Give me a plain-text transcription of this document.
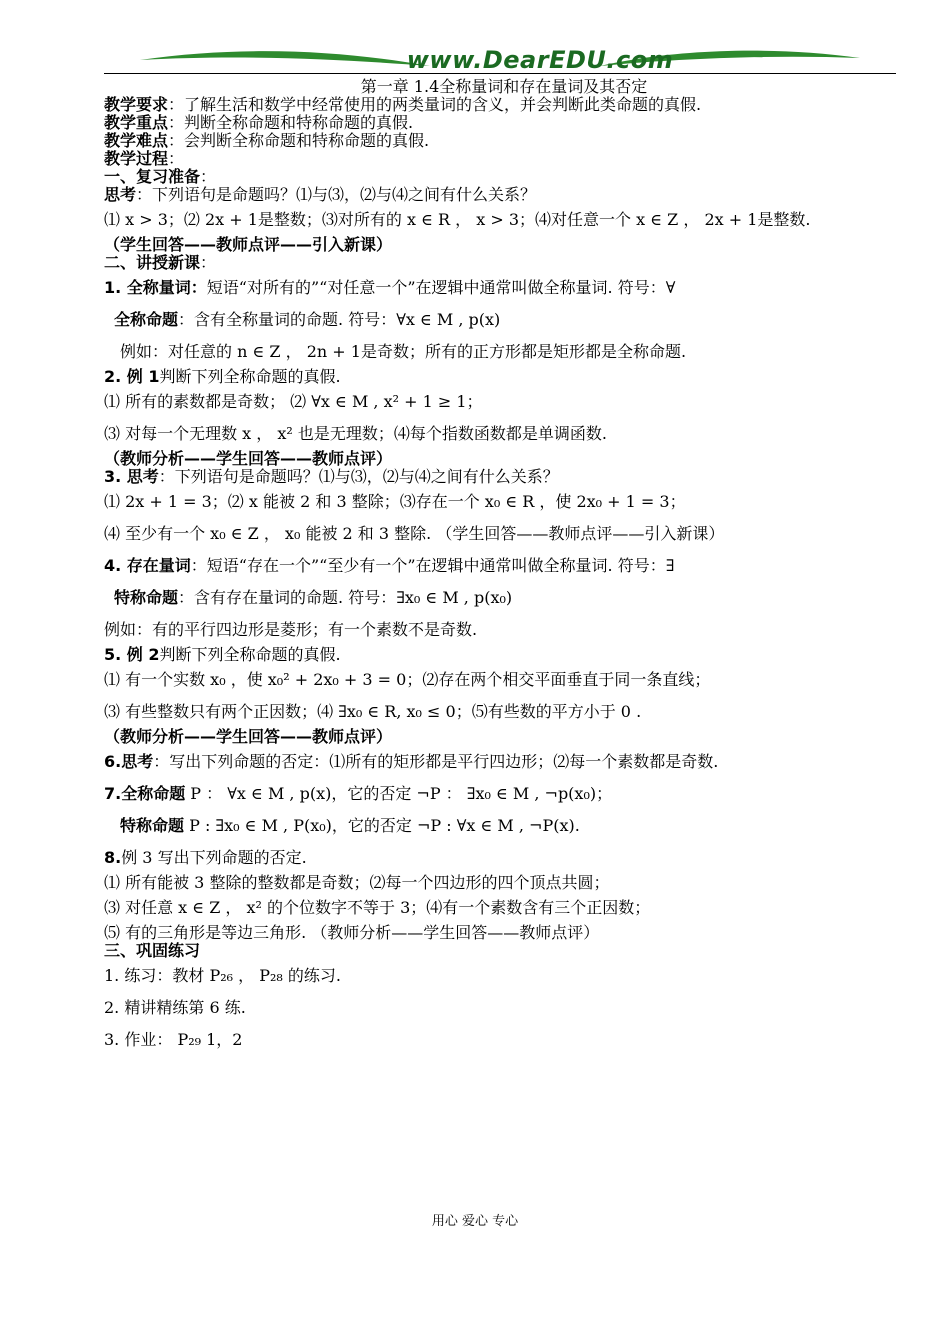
www.DearEDU.com
第一章 1.4全称量词和存在量词及其否定
教学要求：了解生活和数学中经常使用的两类量词的含义，并会判断此类命题的真假.
教学重点：判断全称命题和特称命题的真假.
教学难点：会判断全称命题和特称命题的真假.
教学过程：
一、复习准备：
思考：下列语句是命题吗？⑴与⑶，⑵与⑷之间有什么关系？
⑴ x > 3；⑵ 2x + 1是整数；⑶对所有的 x ∈ R ， x > 3；⑷对任意一个 x ∈ Z ， 2x + 1是整数.
（学生回答——教师点评——引入新课）
二、讲授新课：
1. 全称量词：短语“对所有的”“对任意一个”在逻辑中通常叫做全称量词. 符号：∀
全称命题：含有全称量词的命题. 符号：∀x ∈ M , p(x)
例如：对任意的 n ∈ Z ， 2n + 1是奇数；所有的正方形都是矩形都是全称命题.
2. 例 1判断下列全称命题的真假.
⑴ 所有的素数都是奇数； ⑵ ∀x ∈ M , x² + 1 ≥ 1；
⑶ 对每一个无理数 x ， x² 也是无理数；⑷每个指数函数都是单调函数.
（教师分析——学生回答——教师点评）
3. 思考：下列语句是命题吗？⑴与⑶，⑵与⑷之间有什么关系？
⑴ 2x + 1 = 3；⑵ x 能被 2 和 3 整除；⑶存在一个 x₀ ∈ R ，使 2x₀ + 1 = 3；
⑷ 至少有一个 x₀ ∈ Z ， x₀ 能被 2 和 3 整除. （学生回答——教师点评——引入新课）
4. 存在量词：短语“存在一个”“至少有一个”在逻辑中通常叫做全称量词. 符号：∃
特称命题：含有存在量词的命题. 符号：∃x₀ ∈ M , p(x₀)
例如：有的平行四边形是菱形；有一个素数不是奇数.
5. 例 2判断下列全称命题的真假.
⑴ 有一个实数 x₀ ，使 x₀² + 2x₀ + 3 = 0；⑵存在两个相交平面垂直于同一条直线；
⑶ 有些整数只有两个正因数；⑷ ∃x₀ ∈ R, x₀ ≤ 0；⑸有些数的平方小于 0 .
（教师分析——学生回答——教师点评）
6.思考：写出下列命题的否定：⑴所有的矩形都是平行四边形；⑵每一个素数都是奇数.
7.全称命题 P ： ∀x ∈ M , p(x)，它的否定 ¬P ： ∃x₀ ∈ M , ¬p(x₀)；
特称命题 P : ∃x₀ ∈ M , P(x₀)，它的否定 ¬P : ∀x ∈ M , ¬P(x).
8.例 3 写出下列命题的否定.
⑴ 所有能被 3 整除的整数都是奇数；⑵每一个四边形的四个顶点共圆；
⑶ 对任意 x ∈ Z ， x² 的个位数字不等于 3；⑷有一个素数含有三个正因数；
⑸ 有的三角形是等边三角形. （教师分析——学生回答——教师点评）
三、巩固练习
1. 练习：教材 P₂₆ ， P₂₈ 的练习.
2. 精讲精练第 6 练.
3. 作业： P₂₉ 1，2
用心 爱心 专心
